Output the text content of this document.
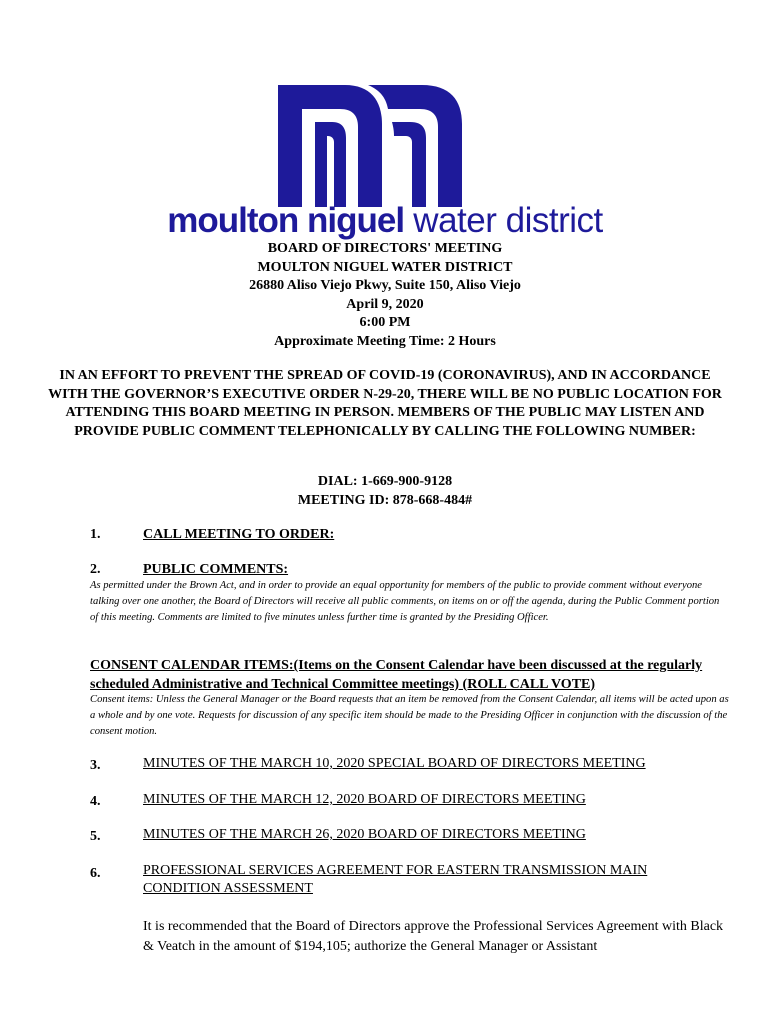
moulton niguel water district
BOARD OF DIRECTORS' MEETING
MOULTON NIGUEL WATER DISTRICT
26880 Aliso Viejo Pkwy, Suite 150, Aliso Viejo
April 9, 2020
6:00 PM
Approximate Meeting Time: 2 Hours
IN AN EFFORT TO PREVENT THE SPREAD OF COVID-19 (CORONAVIRUS), AND IN ACCORDANCE WITH THE GOVERNOR’S EXECUTIVE ORDER N-29-20, THERE WILL BE NO PUBLIC LOCATION FOR ATTENDING THIS BOARD MEETING IN PERSON. MEMBERS OF THE PUBLIC MAY LISTEN AND PROVIDE PUBLIC COMMENT TELEPHONICALLY BY CALLING THE FOLLOWING NUMBER:
DIAL: 1-669-900-9128
MEETING ID: 878-668-484#
1.	CALL MEETING TO ORDER:
2.	PUBLIC COMMENTS:
As permitted under the Brown Act, and in order to provide an equal opportunity for members of the public to provide comment without everyone talking over one another, the Board of Directors will receive all public comments, on items on or off the agenda, during the Public Comment portion of this meeting. Comments are limited to five minutes unless further time is granted by the Presiding Officer.
CONSENT CALENDAR ITEMS:(Items on the Consent Calendar have been discussed at the regularly scheduled Administrative and Technical Committee meetings) (ROLL CALL VOTE)
Consent items: Unless the General Manager or the Board requests that an item be removed from the Consent Calendar, all items will be acted upon as a whole and by one vote. Requests for discussion of any specific item should be made to the Presiding Officer in conjunction with the discussion of the consent motion.
3.	MINUTES OF THE MARCH 10, 2020 SPECIAL BOARD OF DIRECTORS MEETING
4.	MINUTES OF THE MARCH 12, 2020 BOARD OF DIRECTORS MEETING
5.	MINUTES OF THE MARCH 26, 2020 BOARD OF DIRECTORS MEETING
6.	PROFESSIONAL SERVICES AGREEMENT FOR EASTERN TRANSMISSION MAIN
CONDITION ASSESSMENT
It is recommended that the Board of Directors approve the Professional Services Agreement with Black & Veatch in the amount of $194,105; authorize the General Manager or Assistant
